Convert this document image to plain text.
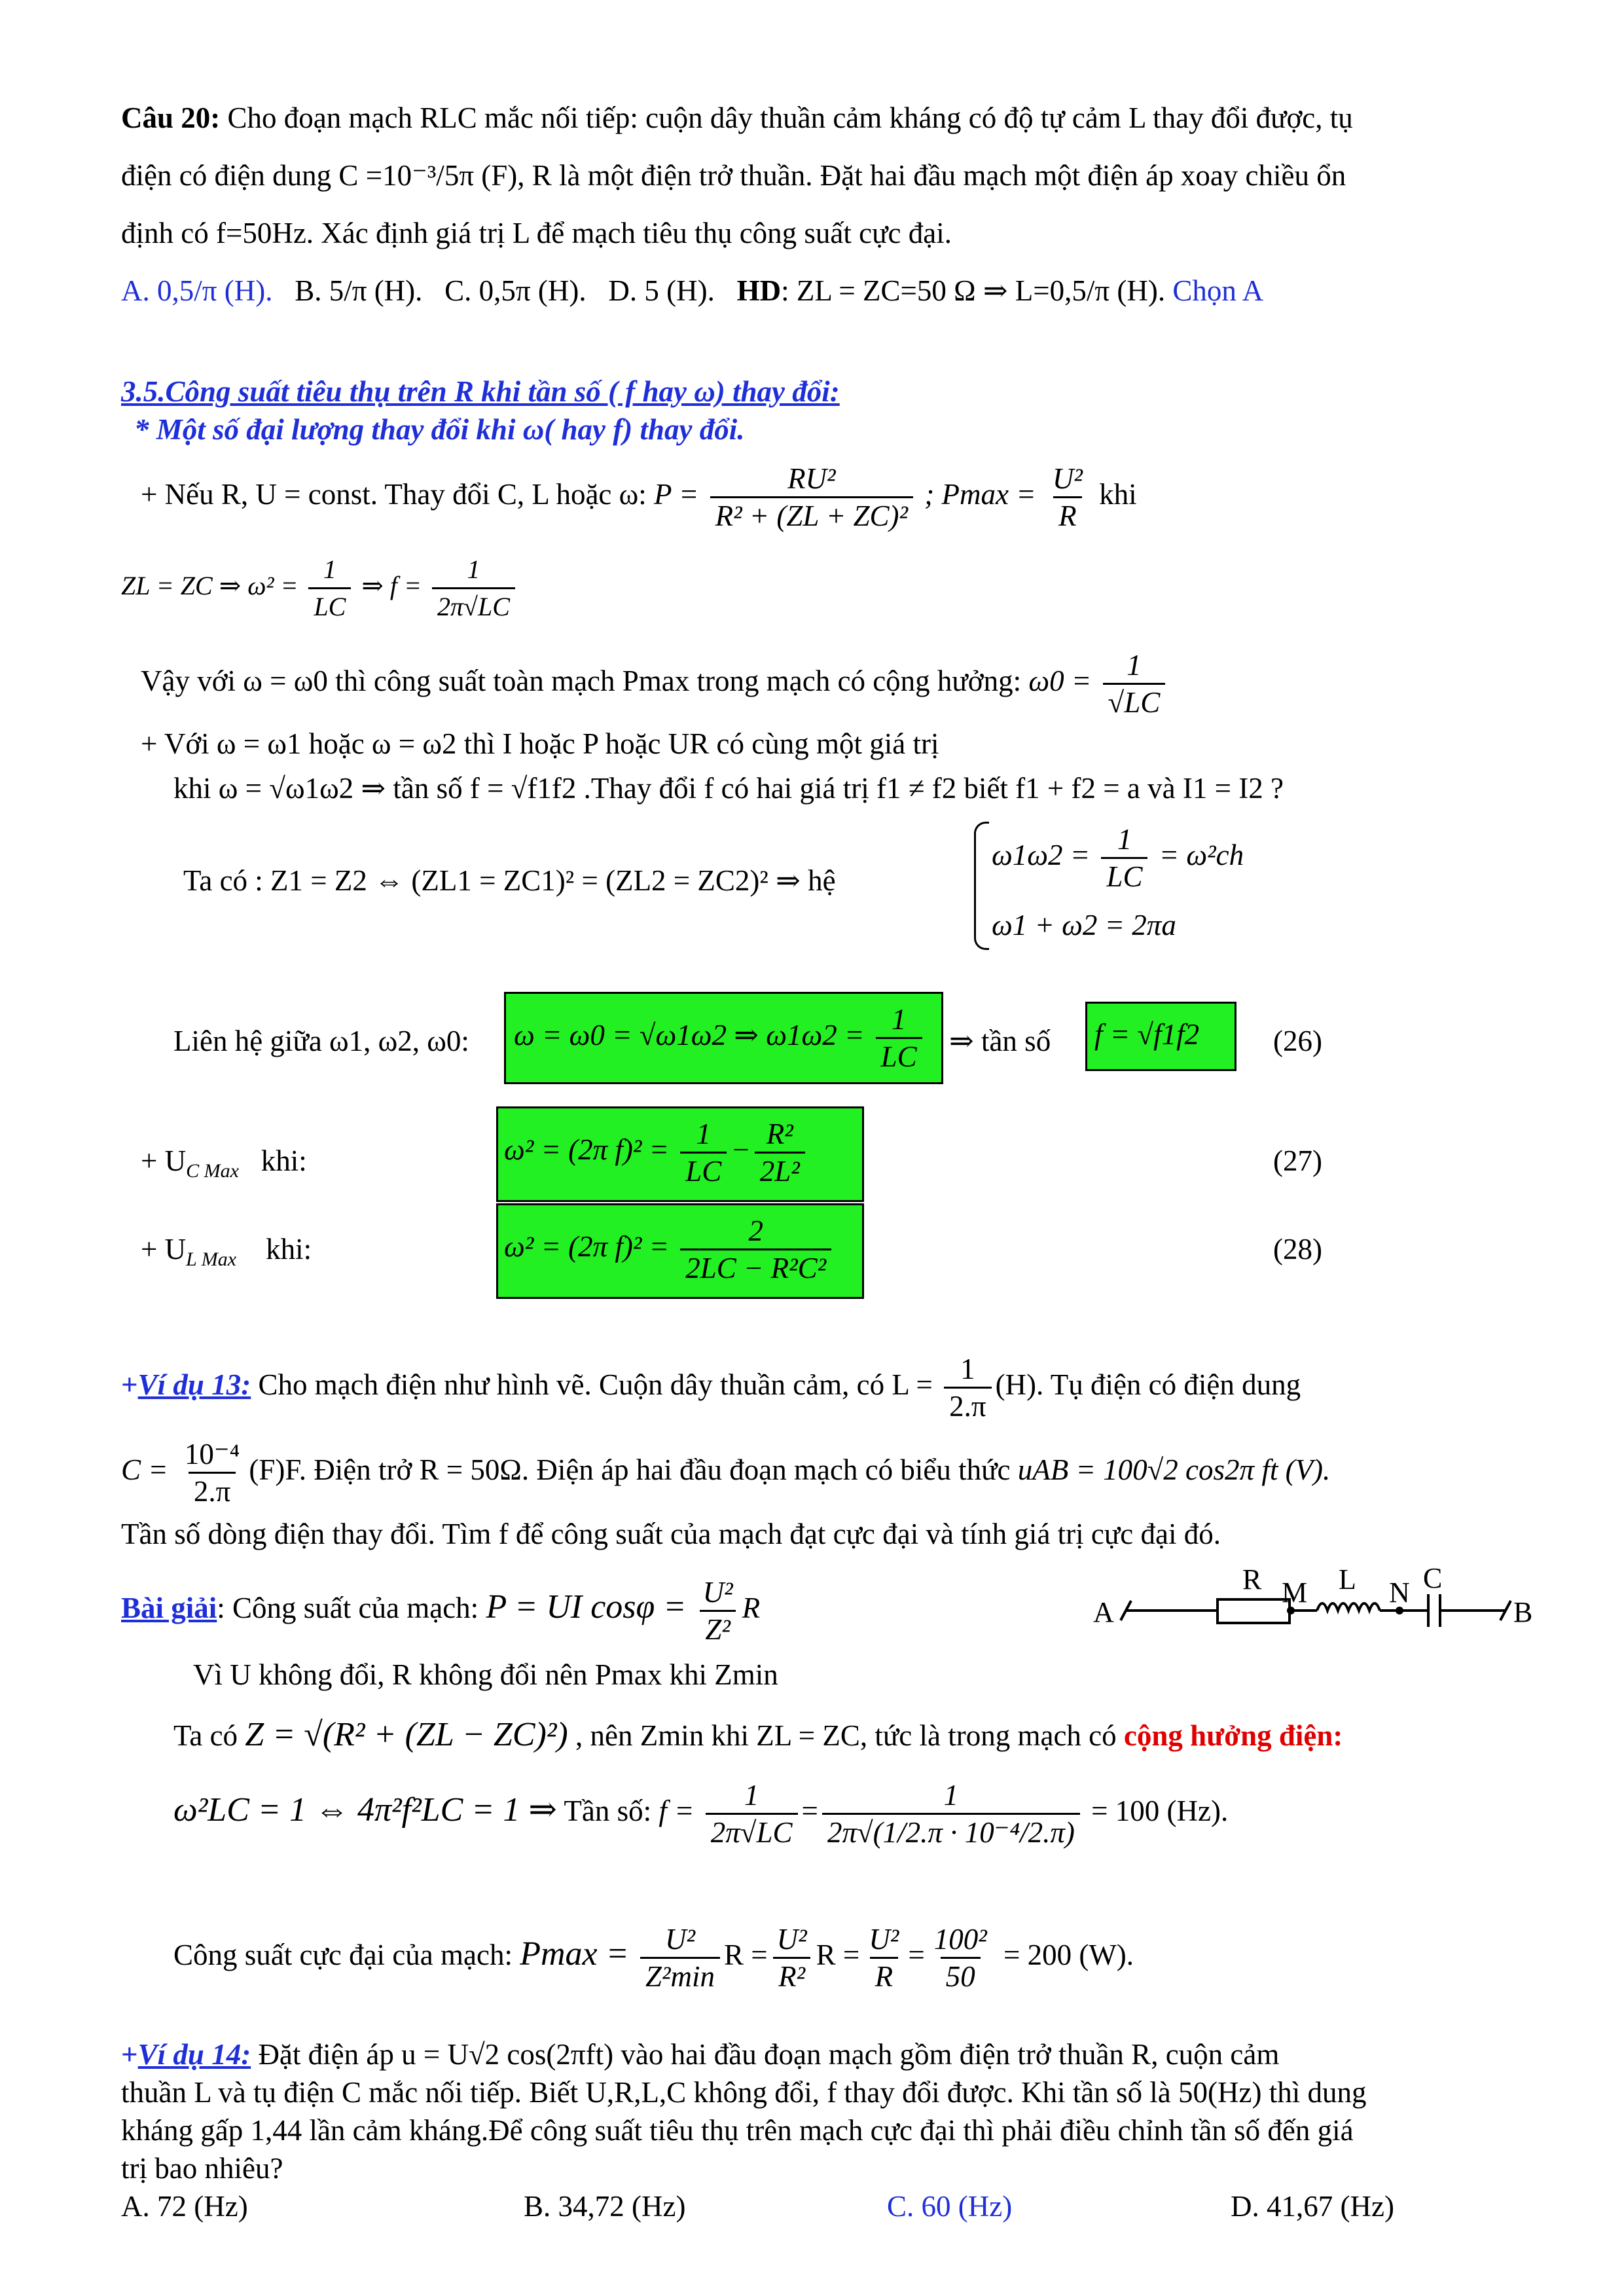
Câu 20: Cho đoạn mạch RLC mắc nối tiếp: cuộn dây thuần cảm kháng có độ tự cảm L thay đổi được, tụ
điện có điện dung C =10⁻³/5π (F), R là một điện trở thuần. Đặt hai đầu mạch một điện áp xoay chiều ổn
định có f=50Hz. Xác định giá trị L để mạch tiêu thụ công suất cực đại.
A. 0,5/π (H). B. 5/π (H). C. 0,5π (H). D. 5 (H). HD: ZL = ZC=50 Ω ⇒ L=0,5/π (H). Chọn A
3.5.Công suất tiêu thụ trên R khi tần số ( f hay ω) thay đổi:
* Một số đại lượng thay đổi khi ω( hay f) thay đổi.
+ Nếu R, U = const. Thay đổi C, L hoặc ω: $P = \frac{\text{RU²}}{\text{R² + (ZL + ZC)²}}$ ; $Pmax = \frac{\text{U²}}{R}$ khi
ZL = ZC ⇒ $\omega^2 = \frac{1}{LC}$ ⇒ $f = \frac{1}{2\pi√LC}$
Vậy với ω = ω0 thì công suất toàn mạch Pmax trong mạch có cộng hưởng: $\omega 0 = \frac{1}{√LC}$
+ Với ω = ω1 hoặc ω = ω2 thì I hoặc P hoặc UR có cùng một giá trị
khi ω = √ω1ω2 ⇒ tần số f = √f1f2 .Thay đổi f có hai giá trị f1 ≠ f2 biết f1 + f2 = a và I1 = I2 ?
Ta có : Z1 = Z2 ⇔ (ZL1 = ZC1)² = (ZL2 = ZC2)² ⇒ hệ
$\omega 1\omega 2 = \frac{1}{LC} = \omega^2ch$
ω1 + ω2 = 2πa
Liên hệ giữa ω1, ω2, ω0: ω = ω0 = √ω1ω2 ⇒ $\omega 1\omega 2 = \frac{1}{LC}$ ⇒ tần số f = √f1f2	(26)
+ $U_{C Max}$ khi:	ω² = (2π $f)^2 = \frac{1}{LC} - \frac{\text{R²}}{\text{2L²}}$	(27)
+ $U_{L Max}$ khi:	ω² = (2π $f)^2 = \frac{2}{\text{2LC − R²C²}}$	(28)
+Ví dụ 13: Cho mạch điện như hình vẽ. Cuộn dây thuần cảm, có $L = \frac{1}{2.\pi} (H)$. Tụ điện có điện dung
$C = \frac{\text{10⁻⁴}}{2.\pi} (F)F$. Điện trở R = 50Ω. Điện áp hai đầu đoạn mạch có biểu thức uAB = 100√2 cos2π ft (V).
Tần số dòng điện thay đổi. Tìm f để công suất của mạch đạt cực đại và tính giá trị cực đại đó.
Bài giải: Công suất của mạch: P = UI $\cos\varphi = \frac{\text{U²}}{\text{Z²}}$ R	A
R M L N C
B
Vì U không đổi, R không đổi nên Pmax khi Zmin
Ta có Z = √(R² + (ZL − ZC)²) , nên Zmin khi ZL = ZC, tức là trong mạch có cộng hưởng điện:
ω²LC = 1 ⇔ 4π²f²LC = 1 ⇒ Tần số: $f = \frac{1}{2\pi√LC} = \frac{1}{\text{2π√(1/2.π · 10⁻⁴/2.π)}} = 100$ (Hz).
Công suất cực đại của mạch: $Pmax = \frac{\text{U²}}{\text{Z²min}}$ $R = \frac{\text{U²}}{\text{R²}}$ $R = \frac{\text{U²}}{R} = \frac{\text{100²}}{50} = 200$ (W).
+Ví dụ 14: Đặt điện áp u = U√2 cos(2πft) vào hai đầu đoạn mạch gồm điện trở thuần R, cuộn cảm
thuần L và tụ điện C mắc nối tiếp. Biết U,R,L,C không đổi, f thay đổi được. Khi tần số là 50(Hz) thì dung
kháng gấp 1,44 lần cảm kháng.Để công suất tiêu thụ trên mạch cực đại thì phải điều chỉnh tần số đến giá
trị bao nhiêu?
A. 72 (Hz)	B. 34,72 (Hz)	C. 60 (Hz)	D. 41,67 (Hz)
